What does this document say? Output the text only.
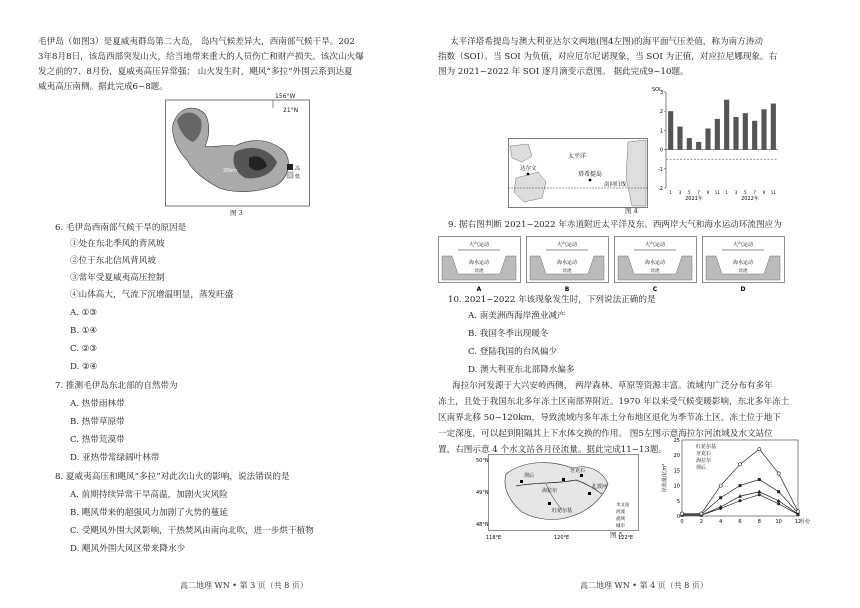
毛伊岛（如图3）是夏威夷群岛第二大岛， 岛内气候差异大，西南部气候干旱。202
3年8月8日，该岛西部突发山火，给当地带来重大的人员伤亡和财产损失。该次山火爆
发之前的7、8月份，夏威夷高压异常强； 山火发生时，飓风“多拉”外围云系到达夏
威夷高压南侧。据此完成6~8题。
156°W
21°N
高
低
20km
图 3
6. 毛伊岛西南部气候干旱的原因是
①处在东北季风的背风坡
②位于东北信风背风坡
③常年受夏威夷高压控制
④山体高大，气流下沉增温明显，蒸发旺盛
A. ①③
B. ①④
C. ②③
D. ②④
7. 推测毛伊岛东北部的自然带为
A. 热带雨林带
B. 热带草原带
C. 热带荒漠带
D. 亚热带常绿阔叶林带
8. 夏威夷高压和飓风“多拉”对此次山火的影响，说法错误的是
A. 前期持续异常干旱高温，加剧火灾风险
B. 飓风带来的超强风力加剧了火势的蔓延
C. 受飓风外围大风影响，干热焚风由南向北吹，进一步烘干植物
D. 飓风外围大风区带来降水少
高二地理 WN • 第 3 页（共 8 页）
太平洋塔希提岛与澳大利亚达尔文两地(图4左图)的海平面气压差值，称为南方涛动
指数（SOI）。当 SOI 为负值，对应厄尔尼诺现象，当 SOI 为正值，对应拉尼娜现象。右
图为 2021~2022 年 SOI 逐月滴变示意图。 据此完成9~10题。
太平洋
塔希提岛
达尔文
南回归线
SOI
-2
-1
0
1
2
3
1 3 5 7 9 11 1 3 5 7 9 11
2021年	2022年
图 4
9. 据右图判断 2021~2022 年赤道附近太平洋及东、西两岸大气和海水运动环流图应为
大气运动
海水运动
洋流
A
大气运动
海水运动
洋流
B
大气运动
海水运动
洋流
C
大气运动
海水运动
洋流
D
10. 2021~2022 年该现象发生时，下列说法正确的是
A. 南美洲西海岸渔业减产
B. 我国冬季出现暖冬
C. 登陆我国的台风偏少
D. 澳大利亚东北部降水偏多
海拉尔河发源于大兴安岭西侧， 两岸森林、草原等资源丰富。流域内广泛分布有多年
冻土，且处于我国东北多年冻土区南部界附近。1970 年以来受气候变暖影响，东北多年冻土
区南界北移 50~120km，导致流域内多年冻土分布地区退化为季节冻土区。冻土位于地下
一定深度，可以起到阻隔其上下水体交换的作用。 图5左图示意海拉尔河流域及水文站位
置，右图示意 4 个水文站各月径流量。据此完成11~13题。
50°N
49°N
48°N
118°E	120°E	122°E
坝后
海拉尔
牙克石
扎敦河
红花尔基
水文站
河流
流域
城市
图 5
径流量/亿m³
0
5
10
15
20
25
0	2	4	6	8	10	12
月份
红花尔基
牙克石
海拉尔
坝后
高二地理 WN • 第 4 页（共 8 页）
